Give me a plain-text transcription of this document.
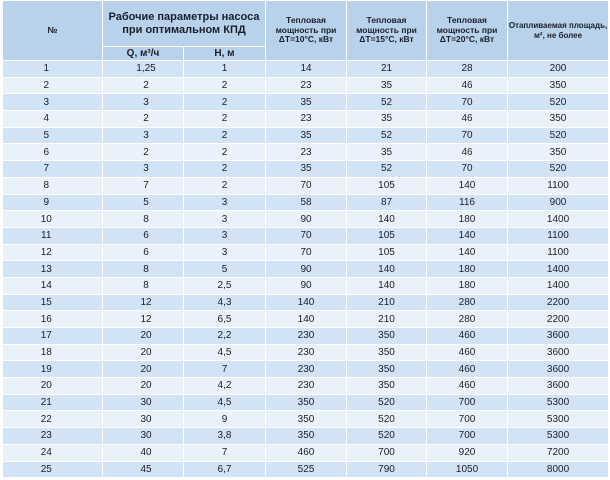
№	Рабочие параметры насоса при оптимальном КПД		Тепловая мощность при ΔT=10°C, кВт	Тепловая мощность при ΔT=15°C, кВт	Тепловая мощность при ΔT=20°C, кВт	Отапливаемая площадь, м², не более
	Q, м³/ч	H, м				
1	1,25	1	14	21	28	200
2	2	2	23	35	46	350
3	3	2	35	52	70	520
4	2	2	23	35	46	350
5	3	2	35	52	70	520
6	2	2	23	35	46	350
7	3	2	35	52	70	520
8	7	2	70	105	140	1100
9	5	3	58	87	116	900
10	8	3	90	140	180	1400
11	6	3	70	105	140	1100
12	6	3	70	105	140	1100
13	8	5	90	140	180	1400
14	8	2,5	90	140	180	1400
15	12	4,3	140	210	280	2200
16	12	6,5	140	210	280	2200
17	20	2,2	230	350	460	3600
18	20	4,5	230	350	460	3600
19	20	7	230	350	460	3600
20	20	4,2	230	350	460	3600
21	30	4,5	350	520	700	5300
22	30	9	350	520	700	5300
23	30	3,8	350	520	700	5300
24	40	7	460	700	920	7200
25	45	6,7	525	790	1050	8000
